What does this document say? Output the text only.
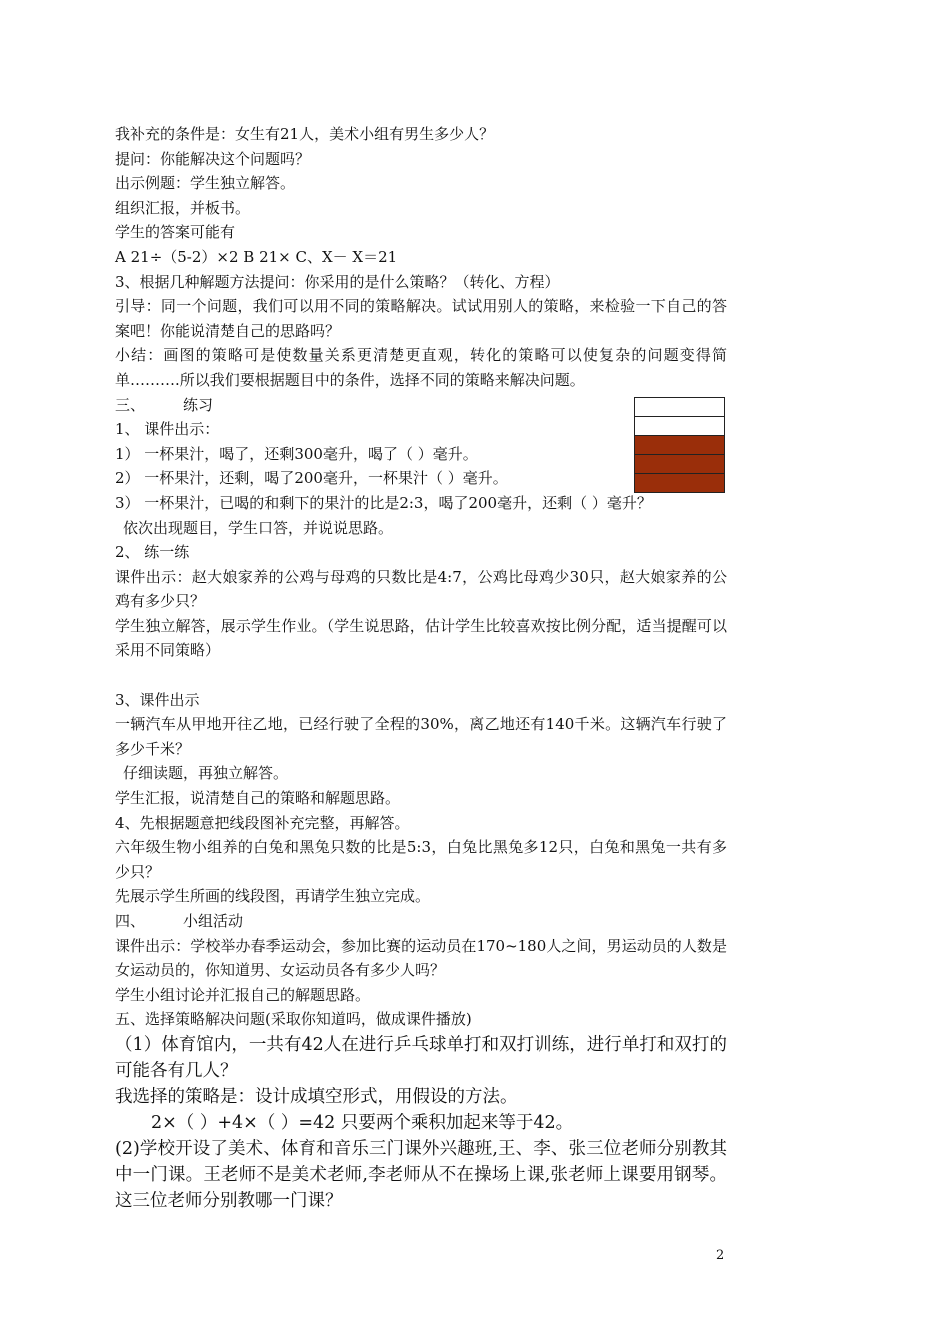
我补充的条件是：女生有21人，美术小组有男生多少人？
提问：你能解决这个问题吗？
出示例题：学生独立解答。
组织汇报，并板书。
学生的答案可能有
A 21÷（5-2）×2 B 21× C、X－ X＝21
3、根据几种解题方法提问：你采用的是什么策略？（转化、方程）
引导：同一个问题，我们可以用不同的策略解决。试试用别人的策略，来检验一下自己的答案吧！你能说清楚自己的思路吗？
小结：画图的策略可是使数量关系更清楚更直观，转化的策略可以使复杂的问题变得简单……….所以我们要根据题目中的条件，选择不同的策略来解决问题。
三、	练习
1、 课件出示：
1） 一杯果汁，喝了，还剩300毫升，喝了（ ）毫升。
2） 一杯果汁，还剩，喝了200毫升，一杯果汁（ ）毫升。
3） 一杯果汁，已喝的和剩下的果汁的比是2:3，喝了200毫升，还剩（ ）毫升？
依次出现题目，学生口答，并说说思路。
2、 练一练
课件出示：赵大娘家养的公鸡与母鸡的只数比是4:7，公鸡比母鸡少30只，赵大娘家养的公鸡有多少只？
学生独立解答，展示学生作业。（学生说思路，估计学生比较喜欢按比例分配，适当提醒可以采用不同策略）
3、课件出示
一辆汽车从甲地开往乙地，已经行驶了全程的30%，离乙地还有140千米。这辆汽车行驶了多少千米？
仔细读题，再独立解答。
学生汇报，说清楚自己的策略和解题思路。
4、先根据题意把线段图补充完整，再解答。
六年级生物小组养的白兔和黑兔只数的比是5:3，白兔比黑兔多12只，白兔和黑兔一共有多少只？
先展示学生所画的线段图，再请学生独立完成。
四、	小组活动
课件出示：学校举办春季运动会，参加比赛的运动员在170~180人之间，男运动员的人数是女运动员的，你知道男、女运动员各有多少人吗？
学生小组讨论并汇报自己的解题思路。
五、选择策略解决问题(采取你知道吗，做成课件播放)
（1）体育馆内，一共有42人在进行乒乓球单打和双打训练，进行单打和双打的可能各有几人？
我选择的策略是：设计成填空形式，用假设的方法。
2×（ ）+4×（ ）=42 只要两个乘积加起来等于42。
(2)学校开设了美术、体育和音乐三门课外兴趣班,王、李、张三位老师分别教其中一门课。王老师不是美术老师,李老师从不在操场上课,张老师上课要用钢琴。这三位老师分别教哪一门课？
2
